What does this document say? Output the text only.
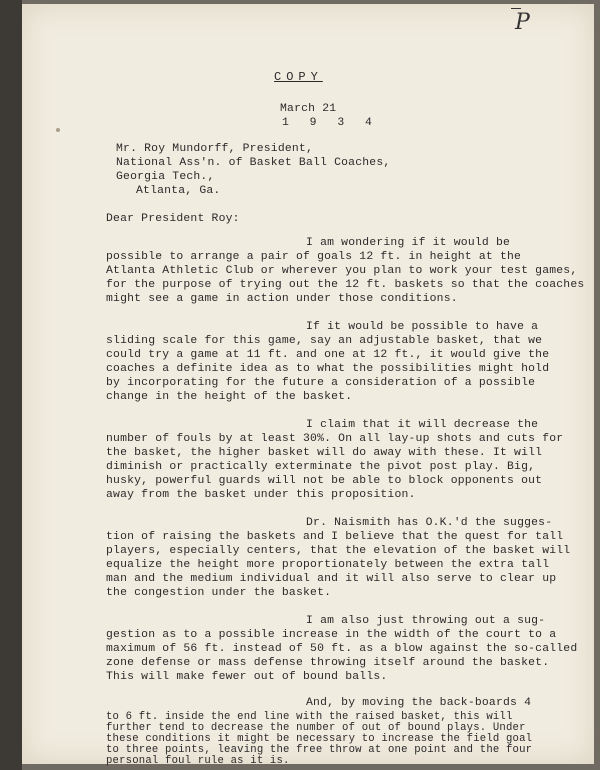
P
COPY
March 21
1 9 3 4
Mr. Roy Mundorff, President,
National Ass'n. of Basket Ball Coaches,
Georgia Tech.,
Atlanta, Ga.
Dear President Roy:
I am wondering if it would be
possible to arrange a pair of goals 12 ft. in height at the
Atlanta Athletic Club or wherever you plan to work your test games,
for the purpose of trying out the 12 ft. baskets so that the coaches
might see a game in action under those conditions.
If it would be possible to have a
sliding scale for this game, say an adjustable basket, that we
could try a game at 11 ft. and one at 12 ft., it would give the
coaches a definite idea as to what the possibilities might hold
by incorporating for the future a consideration of a possible
change in the height of the basket.
I claim that it will decrease the
number of fouls by at least 30%. On all lay-up shots and cuts for
the basket, the higher basket will do away with these. It will
diminish or practically exterminate the pivot post play. Big,
husky, powerful guards will not be able to block opponents out
away from the basket under this proposition.
Dr. Naismith has O.K.'d the sugges-
tion of raising the baskets and I believe that the quest for tall
players, especially centers, that the elevation of the basket will
equalize the height more proportionately between the extra tall
man and the medium individual and it will also serve to clear up
the congestion under the basket.
I am also just throwing out a sug-
gestion as to a possible increase in the width of the court to a
maximum of 56 ft. instead of 50 ft. as a blow against the so-called
zone defense or mass defense throwing itself around the basket.
This will make fewer out of bound balls.
And, by moving the back-boards 4
to 6 ft. inside the end line with the raised basket, this will
further tend to decrease the number of out of bound plays. Under
these conditions it might be necessary to increase the field goal
to three points, leaving the free throw at one point and the four
personal foul rule as it is.
